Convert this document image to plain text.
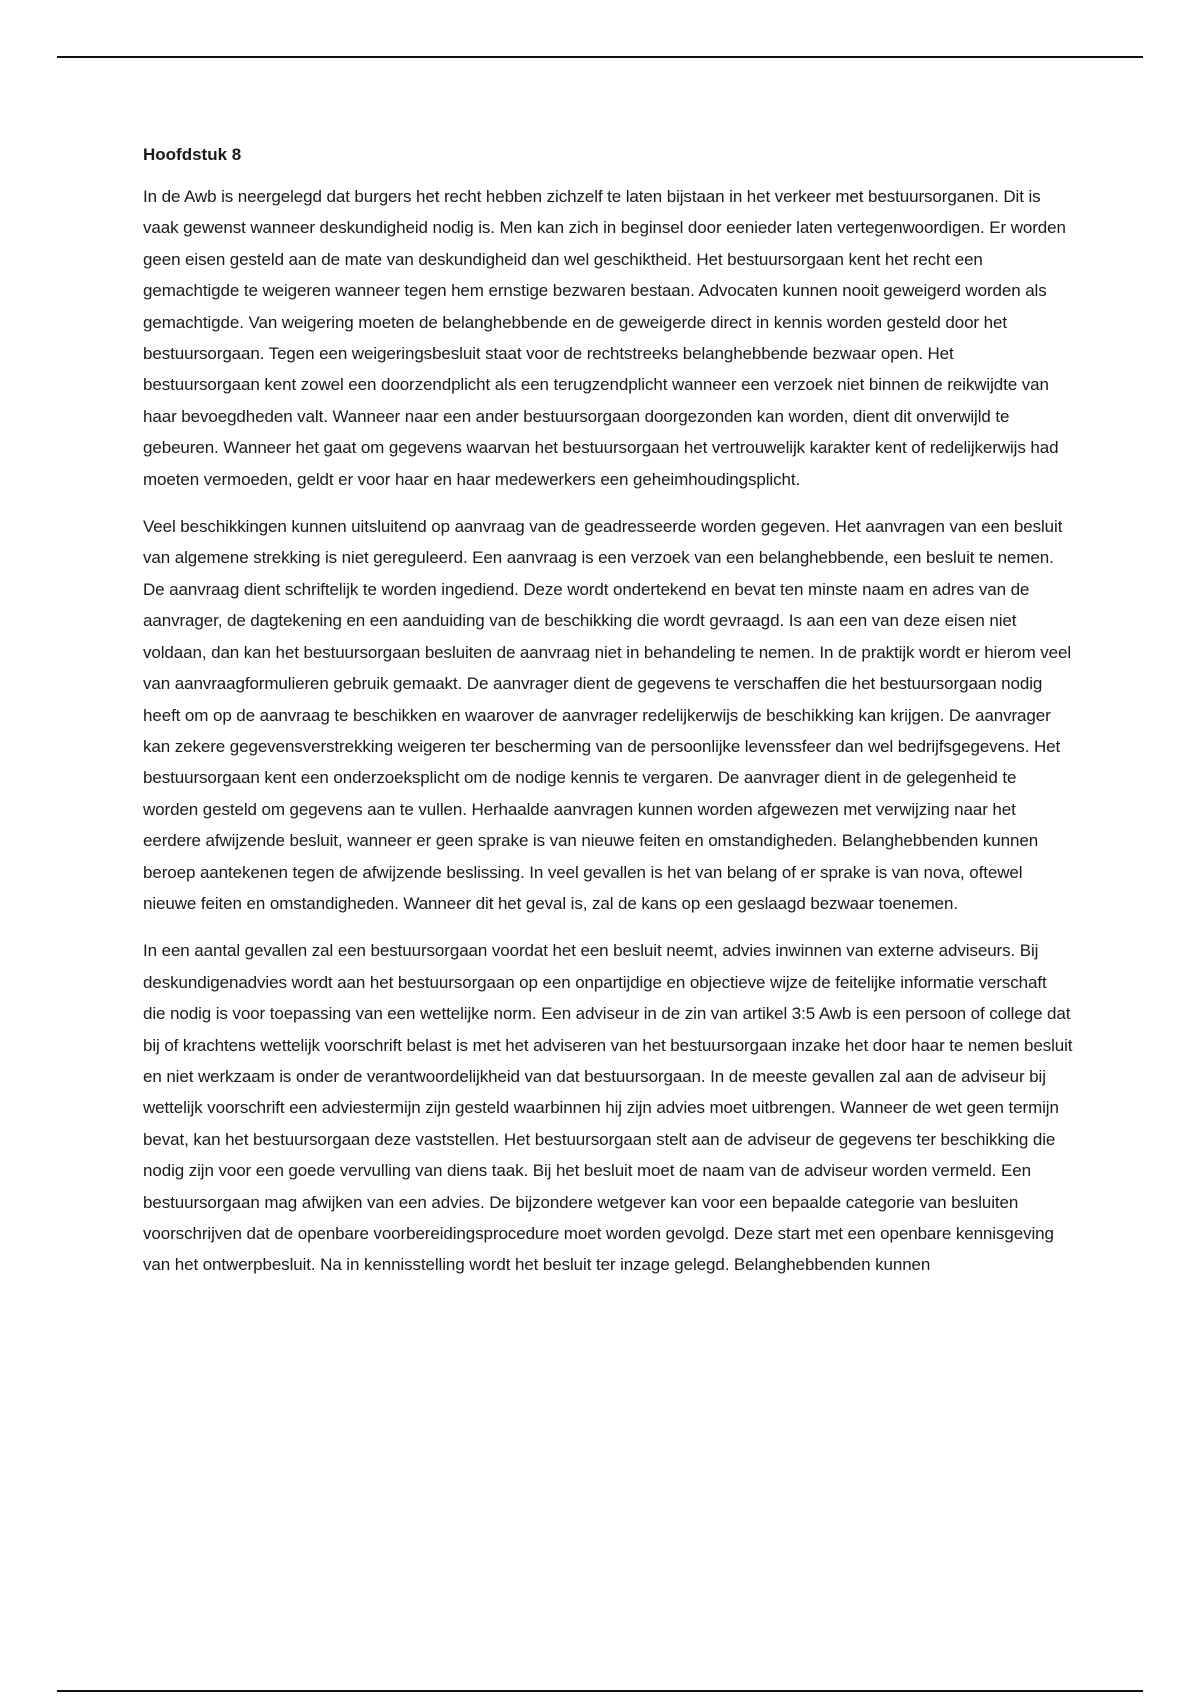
Hoofdstuk 8

In de Awb is neergelegd dat burgers het recht hebben zichzelf te laten bijstaan in het verkeer met bestuursorganen. Dit is vaak gewenst wanneer deskundigheid nodig is. Men kan zich in beginsel door eenieder laten vertegenwoordigen. Er worden geen eisen gesteld aan de mate van deskundigheid dan wel geschiktheid. Het bestuursorgaan kent het recht een gemachtigde te weigeren wanneer tegen hem ernstige bezwaren bestaan. Advocaten kunnen nooit geweigerd worden als gemachtigde. Van weigering moeten de belanghebbende en de geweigerde direct in kennis worden gesteld door het bestuursorgaan. Tegen een weigeringsbesluit staat voor de rechtstreeks belanghebbende bezwaar open. Het bestuursorgaan kent zowel een doorzendplicht als een terugzendplicht wanneer een verzoek niet binnen de reikwijdte van haar bevoegdheden valt. Wanneer naar een ander bestuursorgaan doorgezonden kan worden, dient dit onverwijld te gebeuren. Wanneer het gaat om gegevens waarvan het bestuursorgaan het vertrouwelijk karakter kent of redelijkerwijs had moeten vermoeden, geldt er voor haar en haar medewerkers een geheimhoudingsplicht.

Veel beschikkingen kunnen uitsluitend op aanvraag van de geadresseerde worden gegeven. Het aanvragen van een besluit van algemene strekking is niet gereguleerd. Een aanvraag is een verzoek van een belanghebbende, een besluit te nemen. De aanvraag dient schriftelijk te worden ingediend. Deze wordt ondertekend en bevat ten minste naam en adres van de aanvrager, de dagtekening en een aanduiding van de beschikking die wordt gevraagd. Is aan een van deze eisen niet voldaan, dan kan het bestuursorgaan besluiten de aanvraag niet in behandeling te nemen. In de praktijk wordt er hierom veel van aanvraagformulieren gebruik gemaakt. De aanvrager dient de gegevens te verschaffen die het bestuursorgaan nodig heeft om op de aanvraag te beschikken en waarover de aanvrager redelijkerwijs de beschikking kan krijgen. De aanvrager kan zekere gegevensverstrekking weigeren ter bescherming van de persoonlijke levenssfeer dan wel bedrijfsgegevens. Het bestuursorgaan kent een onderzoeksplicht om de nodige kennis te vergaren. De aanvrager dient in de gelegenheid te worden gesteld om gegevens aan te vullen. Herhaalde aanvragen kunnen worden afgewezen met verwijzing naar het eerdere afwijzende besluit, wanneer er geen sprake is van nieuwe feiten en omstandigheden. Belanghebbenden kunnen beroep aantekenen tegen de afwijzende beslissing. In veel gevallen is het van belang of er sprake is van nova, oftewel nieuwe feiten en omstandigheden. Wanneer dit het geval is, zal de kans op een geslaagd bezwaar toenemen.

In een aantal gevallen zal een bestuursorgaan voordat het een besluit neemt, advies inwinnen van externe adviseurs. Bij deskundigenadvies wordt aan het bestuursorgaan op een onpartijdige en objectieve wijze de feitelijke informatie verschaft die nodig is voor toepassing van een wettelijke norm. Een adviseur in de zin van artikel 3:5 Awb is een persoon of college dat bij of krachtens wettelijk voorschrift belast is met het adviseren van het bestuursorgaan inzake het door haar te nemen besluit en niet werkzaam is onder de verantwoordelijkheid van dat bestuursorgaan. In de meeste gevallen zal aan de adviseur bij wettelijk voorschrift een adviestermijn zijn gesteld waarbinnen hij zijn advies moet uitbrengen. Wanneer de wet geen termijn bevat, kan het bestuursorgaan deze vaststellen. Het bestuursorgaan stelt aan de adviseur de gegevens ter beschikking die nodig zijn voor een goede vervulling van diens taak. Bij het besluit moet de naam van de adviseur worden vermeld. Een bestuursorgaan mag afwijken van een advies. De bijzondere wetgever kan voor een bepaalde categorie van besluiten voorschrijven dat de openbare voorbereidingsprocedure moet worden gevolgd. Deze start met een openbare kennisgeving van het ontwerpbesluit. Na in kennisstelling wordt het besluit ter inzage gelegd. Belanghebbenden kunnen
